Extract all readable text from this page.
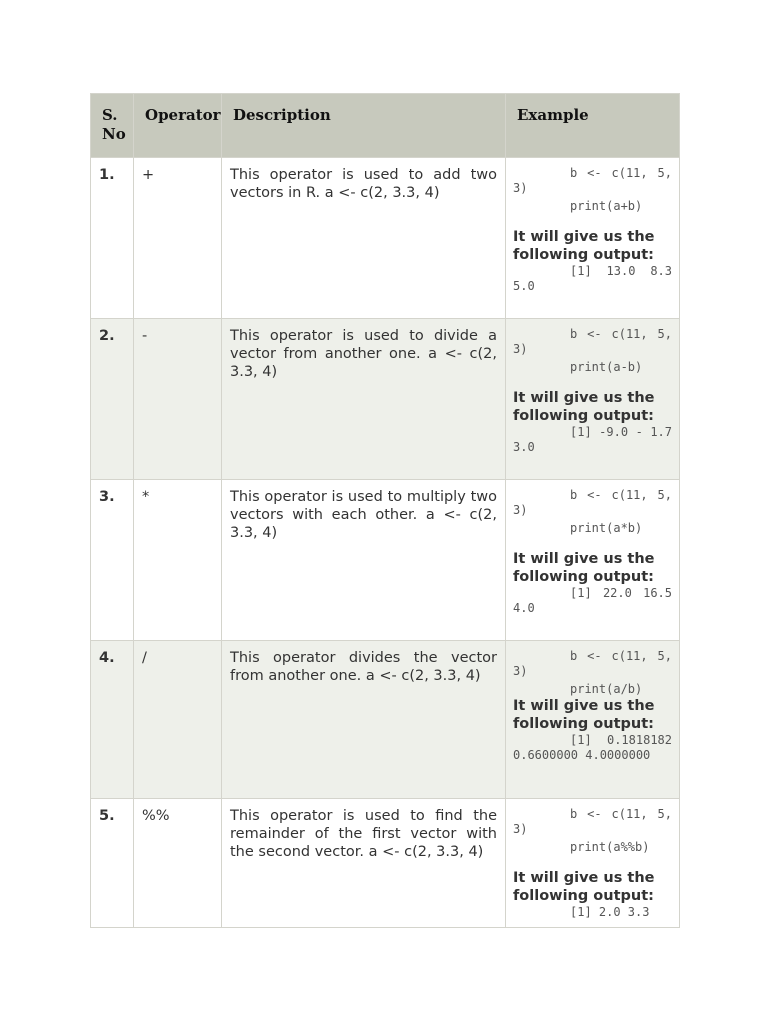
S. No	Operator	Description	Example
1.	+	This operator is used to add two vectors in R. a <- c(2, 3.3, 4)	b <- c(11, 5, 3)
print(a+b)
It will give us the following output:
[1] 13.0 8.3 5.0

2.	-	This operator is used to divide a vector from another one. a <- c(2, 3.3, 4)	b <- c(11, 5, 3)
print(a-b)
It will give us the following output:
[1] -9.0 - 1.7 3.0

3.	*	This operator is used to multiply two vectors with each other. a <- c(2, 3.3, 4)	b <- c(11, 5, 3)
print(a*b)
It will give us the following output:
[1] 22.0 16.5 4.0

4.	/	This operator divides the vector from another one. a <- c(2, 3.3, 4)	b <- c(11, 5, 3)
print(a/b)
It will give us the following output:
[1] 0.1818182 0.6600000 4.0000000

5.	%%	This operator is used to find the remainder of the first vector with the second vector. a <- c(2, 3.3, 4)	b <- c(11, 5, 3)
print(a%%b)
It will give us the following output:
[1] 2.0 3.3
